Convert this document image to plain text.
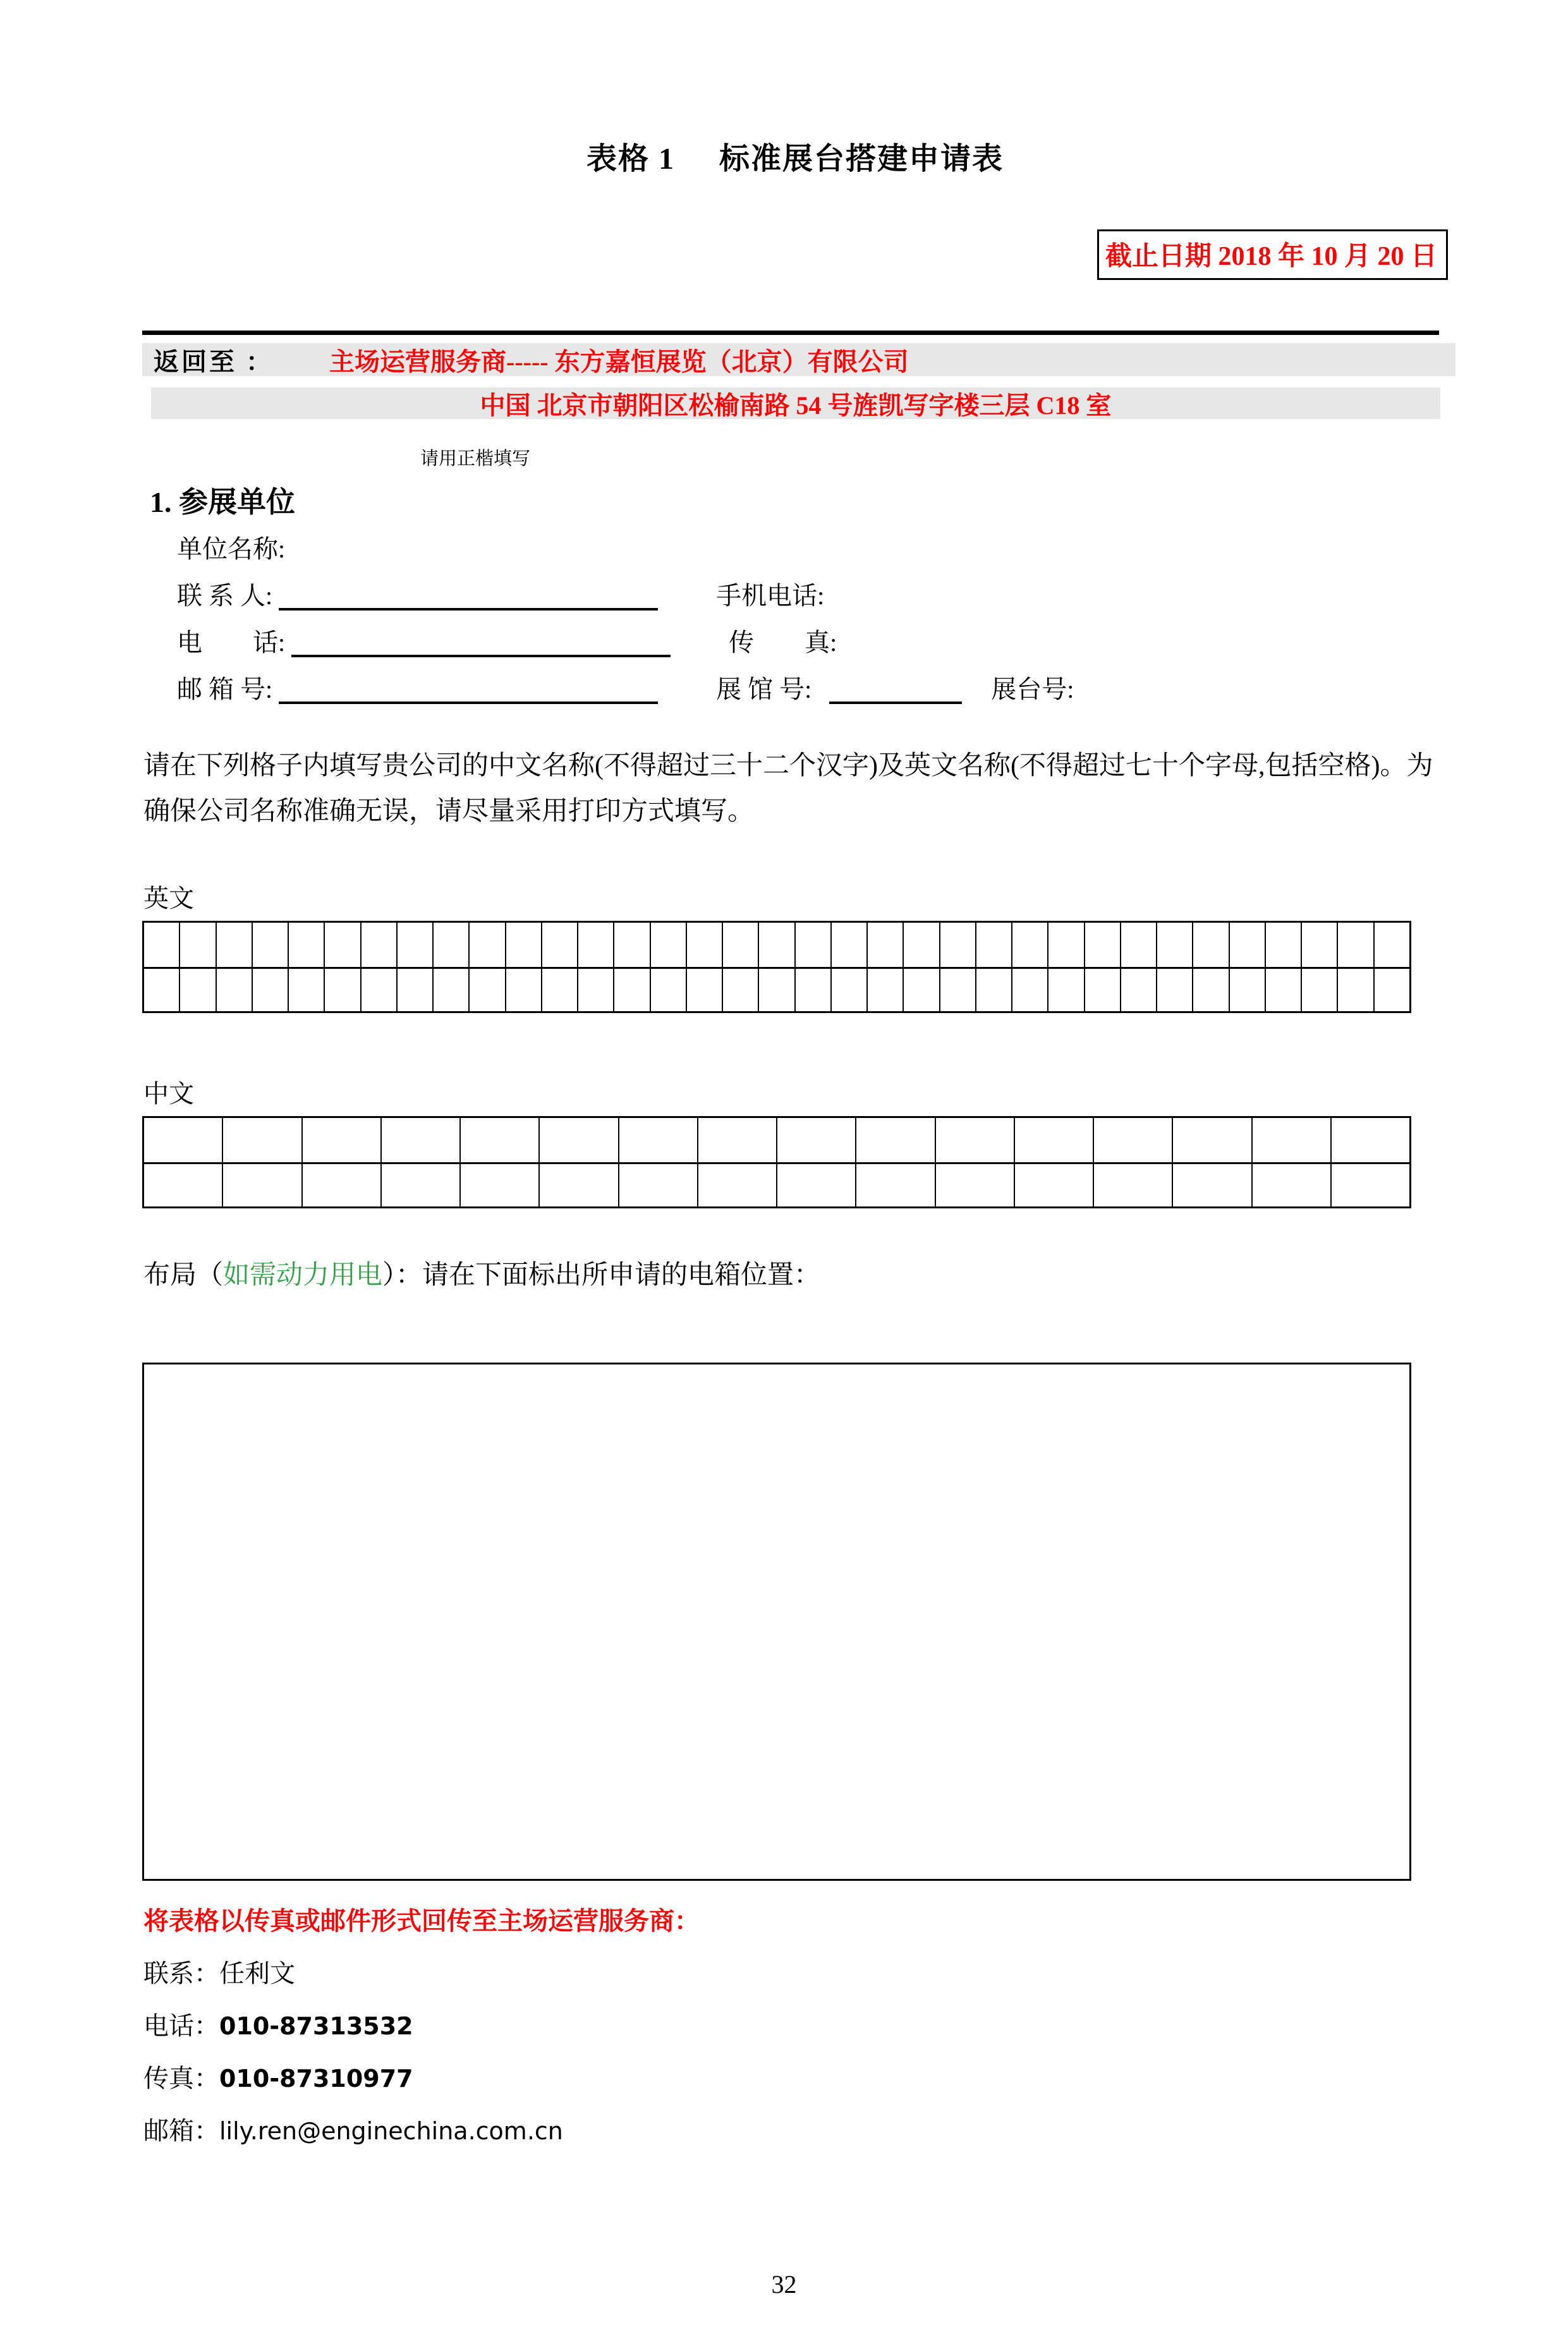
表格 1 标准展台搭建申请表
截止日期 2018 年 10 月 20 日
返回至 ： 主场运营服务商----- 东方嘉恒展览（北京）有限公司
中国 北京市朝阳区松榆南路 54 号旌凯写字楼三层 C18 室
请用正楷填写
1. 参展单位
单位名称:
联 系 人:	手机电话:
电　　话:	传　　真:
邮 箱 号:	展 馆 号:	展台号:
请在下列格子内填写贵公司的中文名称(不得超过三十二个汉字)及英文名称(不得超过七十个字母,包括空格)。为确保公司名称准确无误，请尽量采用打印方式填写。
英文
中文
布局（如需动力用电）：请在下面标出所申请的电箱位置：
将表格以传真或邮件形式回传至主场运营服务商：
联系：任利文
电话：010-87313532
传真：010-87310977
邮箱：lily.ren@enginechina.com.cn
32
